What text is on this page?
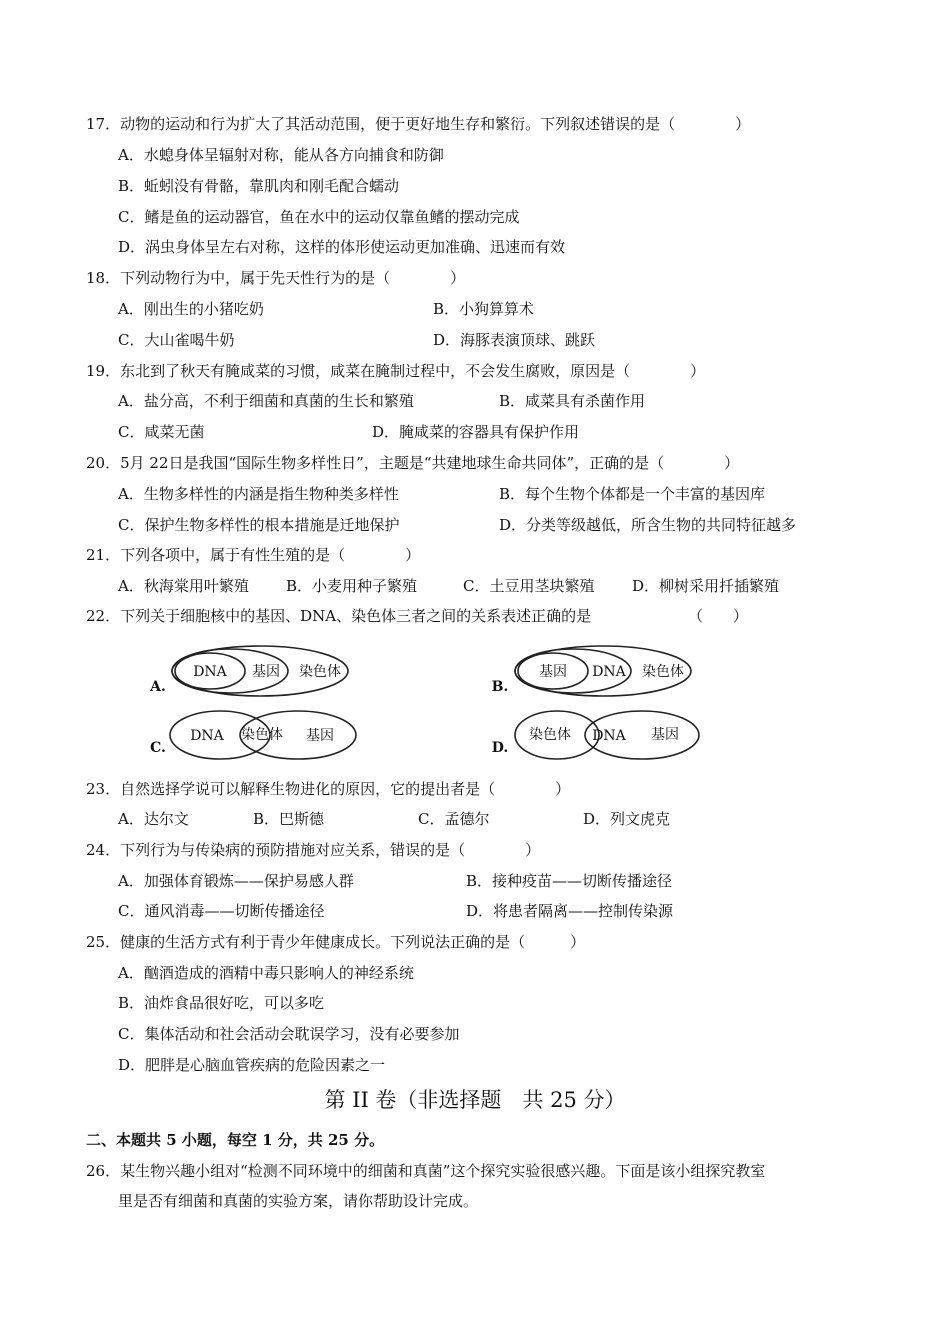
17．动物的运动和行为扩大了其活动范围，便于更好地生存和繁衍。下列叙述错误的是（　　　　）
A．水螅身体呈辐射对称，能从各方向捕食和防御
B．蚯蚓没有骨骼，靠肌肉和刚毛配合蠕动
C．鳍是鱼的运动器官，鱼在水中的运动仅靠鱼鳍的摆动完成
D．涡虫身体呈左右对称，这样的体形使运动更加准确、迅速而有效
18．下列动物行为中，属于先天性行为的是（　　　　）
A．刚出生的小猪吃奶	B．小狗算算术
C．大山雀喝牛奶	D．海豚表演顶球、跳跃
19．东北到了秋天有腌咸菜的习惯，咸菜在腌制过程中，不会发生腐败，原因是（　　　　）
A．盐分高，不利于细菌和真菌的生长和繁殖	B．咸菜具有杀菌作用
C．咸菜无菌	D．腌咸菜的容器具有保护作用
20．5月 22日是我国“国际生物多样性日”，主题是“共建地球生命共同体”，正确的是（　　　　）
A．生物多样性的内涵是指生物种类多样性	B．每个生物个体都是一个丰富的基因库
C．保护生物多样性的根本措施是迁地保护	D．分类等级越低，所含生物的共同特征越多
21．下列各项中，属于有性生殖的是（　　　　）
A．秋海棠用叶繁殖 B．小麦用种子繁殖	C．土豆用茎块繁殖	D．柳树采用扦插繁殖
22．下列关于细胞核中的基因、DNA、染色体三者之间的关系表述正确的是	（　　）
A.
DNA 基因 染色体
B.
基因 DNA 染色体
C.
DNA 染色体 基因
D.
染色体 DNA 基因
23．自然选择学说可以解释生物进化的原因，它的提出者是（　　　　）
A．达尔文	B．巴斯德	C．孟德尔	D．列文虎克
24．下列行为与传染病的预防措施对应关系，错误的是（　　　　）
A．加强体育锻炼——保护易感人群	B．接种疫苗——切断传播途径
C．通风消毒——切断传播途径	D．将患者隔离——控制传染源
25．健康的生活方式有利于青少年健康成长。下列说法正确的是（　　　）
A．酗酒造成的酒精中毒只影响人的神经系统
B．油炸食品很好吃，可以多吃
C．集体活动和社会活动会耽误学习，没有必要参加
D．肥胖是心脑血管疾病的危险因素之一
第 II 卷（非选择题　共 25 分）
二、本题共 5 小题，每空 1 分，共 25 分。
26．某生物兴趣小组对“检测不同环境中的细菌和真菌”这个探究实验很感兴趣。下面是该小组探究教室
里是否有细菌和真菌的实验方案，请你帮助设计完成。
